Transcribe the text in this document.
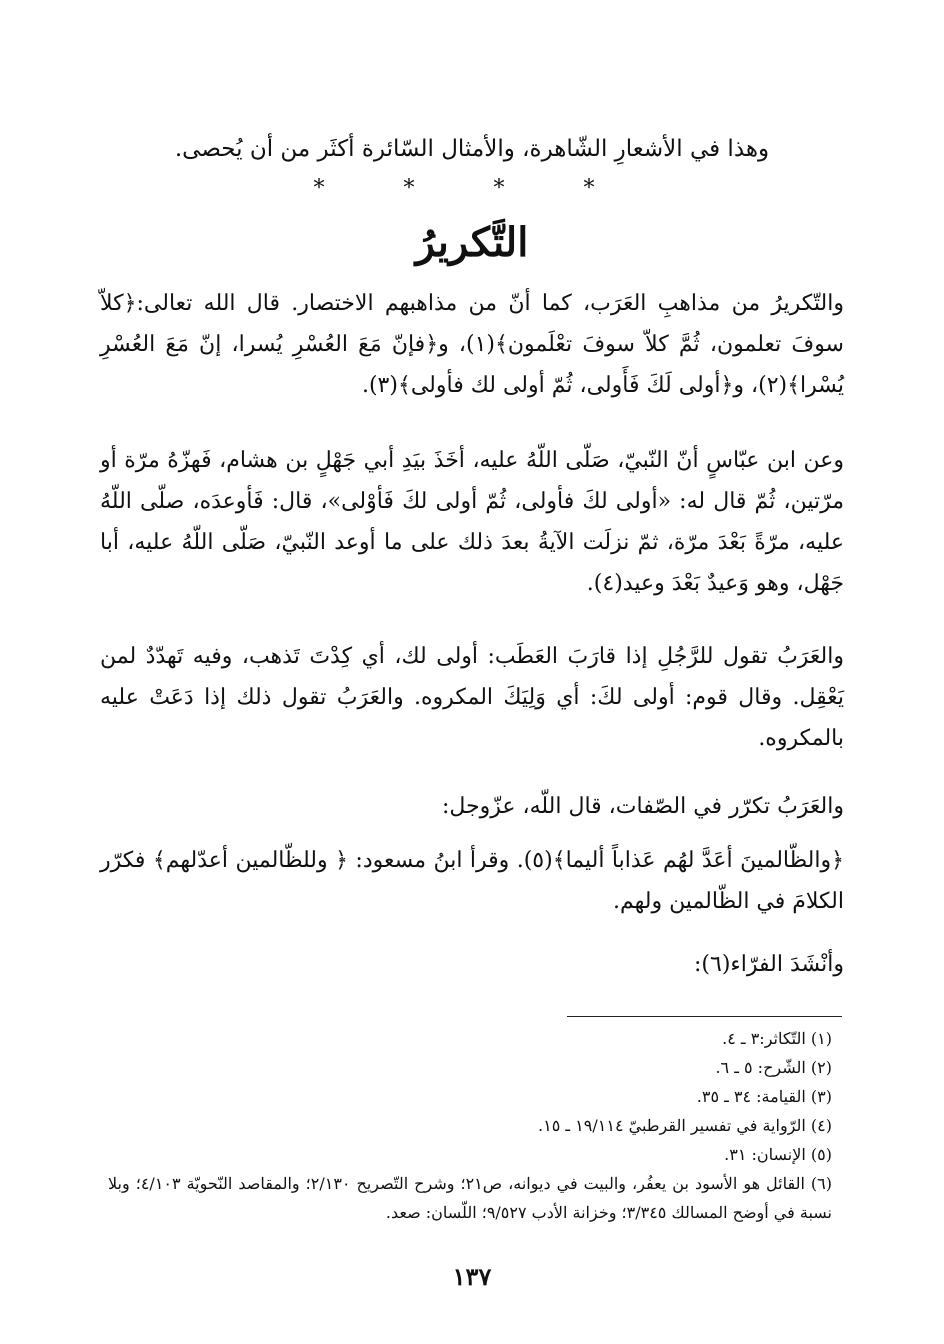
وهذا في الأشعارِ الشّاهرة، والأمثال السّائرة أكثَر من أن يُحصى.

* * * *
التَّكريرُ

والتّكريرُ من مذاهبِ العَرَب، كما أنّ من مذاهبهم الاختصار. قال الله تعالى:﴿كلاّ سوفَ تعلمون، ثُمَّ كلاّ سوفَ تعْلَمون﴾(١)، و﴿فإنّ مَعَ العُسْرِ يُسرا، إنّ مَعَ العُسْرِ يُسْرا﴾(٢)، و﴿أولى لَكَ فَأَولى، ثُمّ أولى لك فأولى﴾(٣).

وعن ابن عبّاسٍ أنّ النّبيّ، صَلّى اللّهُ عليه، أخَذَ بيَدِ أبي جَهْلٍ بن هشام، فَهزّهُ مرّة أو مرّتين، ثُمّ قال له: «أولى لكَ فأولى، ثُمّ أولى لكَ فَأوْلى»، قال: فَأوعدَه، صلّى اللّهُ عليه، مرّةً بَعْدَ مرّة، ثمّ نزلَت الآيةُ بعدَ ذلك على ما أوعد النّبيّ، صَلّى اللّهُ عليه، أبا جَهْل، وهو وَعيدٌ بَعْدَ وعيد(٤).

والعَرَبُ تقول للرَّجُلِ إذا قارَبَ العَطَب: أولى لك، أي كِدْتَ تَذهب، وفيه تَهدّدٌ لمن يَعْقِل. وقال قوم: أولى لكَ: أي وَلِيَكَ المكروه. والعَرَبُ تقول ذلك إذا دَعَتْ عليه بالمكروه.

والعَرَبُ تكرّر في الصّفات، قال اللّه، عزّوجل:

﴿والظّالمينَ أعَدَّ لهُم عَذاباً أليما﴾(٥). وقرأ ابنُ مسعود: ﴿ وللظّالمين أعدّلهم﴾ فكرّر الكلامَ في الظّالمين ولهم.

وأنْشَدَ الفرّاء(٦):

(١) التّكاثر:٣ ـ ٤.
(٢) الشّرح: ٥ ـ ٦.
(٣) القيامة: ٣٤ ـ ٣٥.
(٤) الرّواية في تفسير القرطبيّ ١٩/١١٤ ـ ١٥.
(٥) الإنسان: ٣١.
(٦) القائل هو الأسود بن يعفُر، والبيت في ديوانه، ص٢١؛ وشرح التّصريح ٢/١٣٠؛ والمقاصد النّحويّة ٤/١٠٣؛ وبلا نسبة في أوضح المسالك ٣/٣٤٥؛ وخزانة الأدب ٩/٥٢٧؛ اللّسان: صعد.
١٣٧
